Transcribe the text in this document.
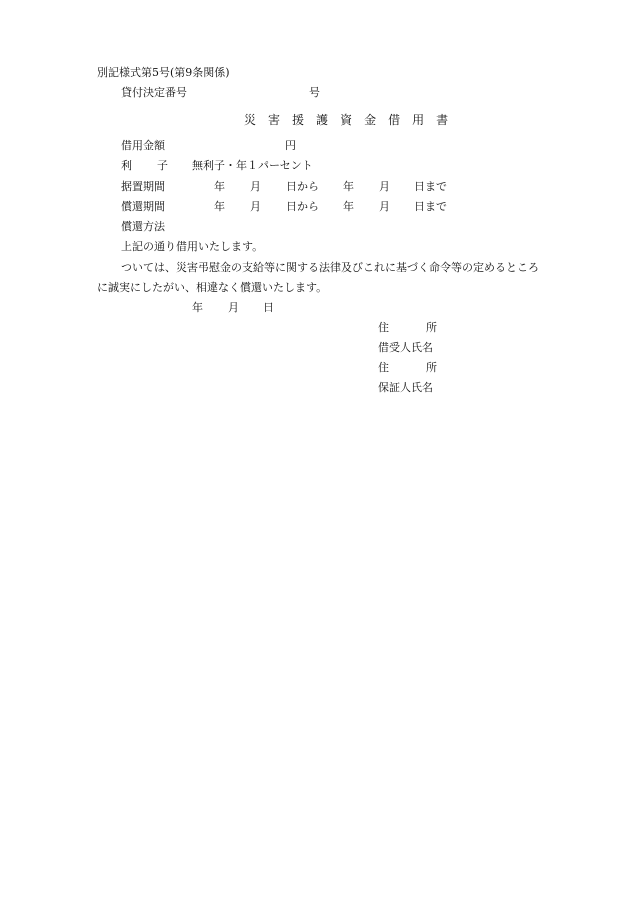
別記様式第5号(第9条関係)
貸付決定番号	号
災 害 援 護 資 金 借 用 書
借用金額	円
利 子 無利子・年１パーセント
据置期間	年 月 日から 年 月 日まで
償還期間	年 月 日から 年 月 日まで
償還方法
上記の通り借用いたします。
ついては、災害弔慰金の支給等に関する法律及びこれに基づく命令等の定めるところ
に誠実にしたがい、相違なく償還いたします。
年 月 日
住	所
借受人氏名
住	所
保証人氏名
